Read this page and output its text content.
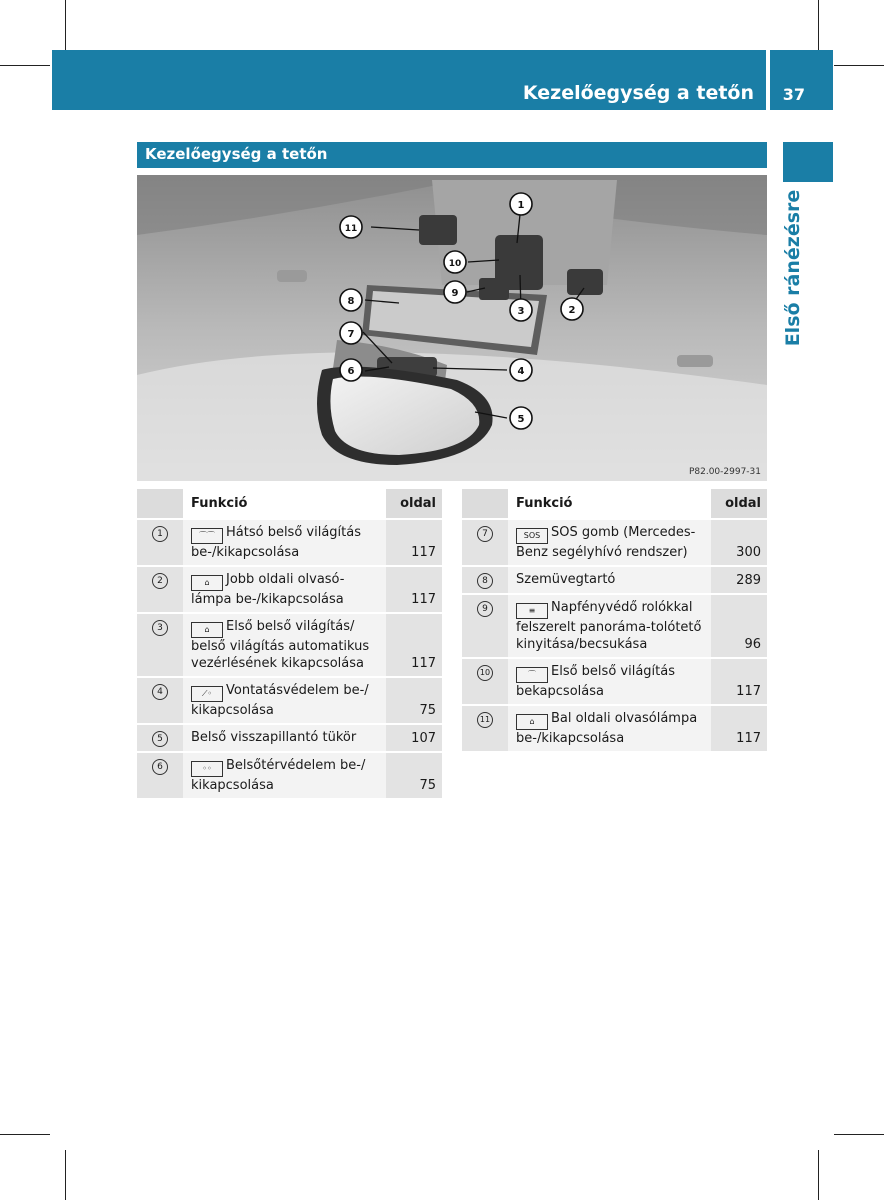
Kezelőegység a tetőn 37
Első ránézésre
Kezelőegység a tetőn
1
2
3
4
5
6
7
8
9
10
11
P82.00-2997-31
	Funkció	oldal
1	⌒⌒ Hátsó belső világítás be-/kikapcsolása	117
2	⌂ Jobb oldali olvasó-lámpa be-/kikapcsolása	117
3	⌂ Első belső világítás/ belső világítás automatikus vezérlésének kikapcsolása	117
4	⟋◦ Vontatásvédelem be-/ kikapcsolása	75
5	Belső visszapillantó tükör	107
6	◦◦ Belsőtérvédelem be-/ kikapcsolása	75
	Funkció	oldal
7	SOS SOS gomb (Mercedes-Benz segélyhívó rendszer)	300
8	Szemüvegtartó	289
9	≡ Napfényvédő rolókkal felszerelt panoráma-tolótető kinyitása/becsukása	96
10	⌒ Első belső világítás bekapcsolása	117
11	⌂ Bal oldali olvasólámpa be-/kikapcsolása	117
